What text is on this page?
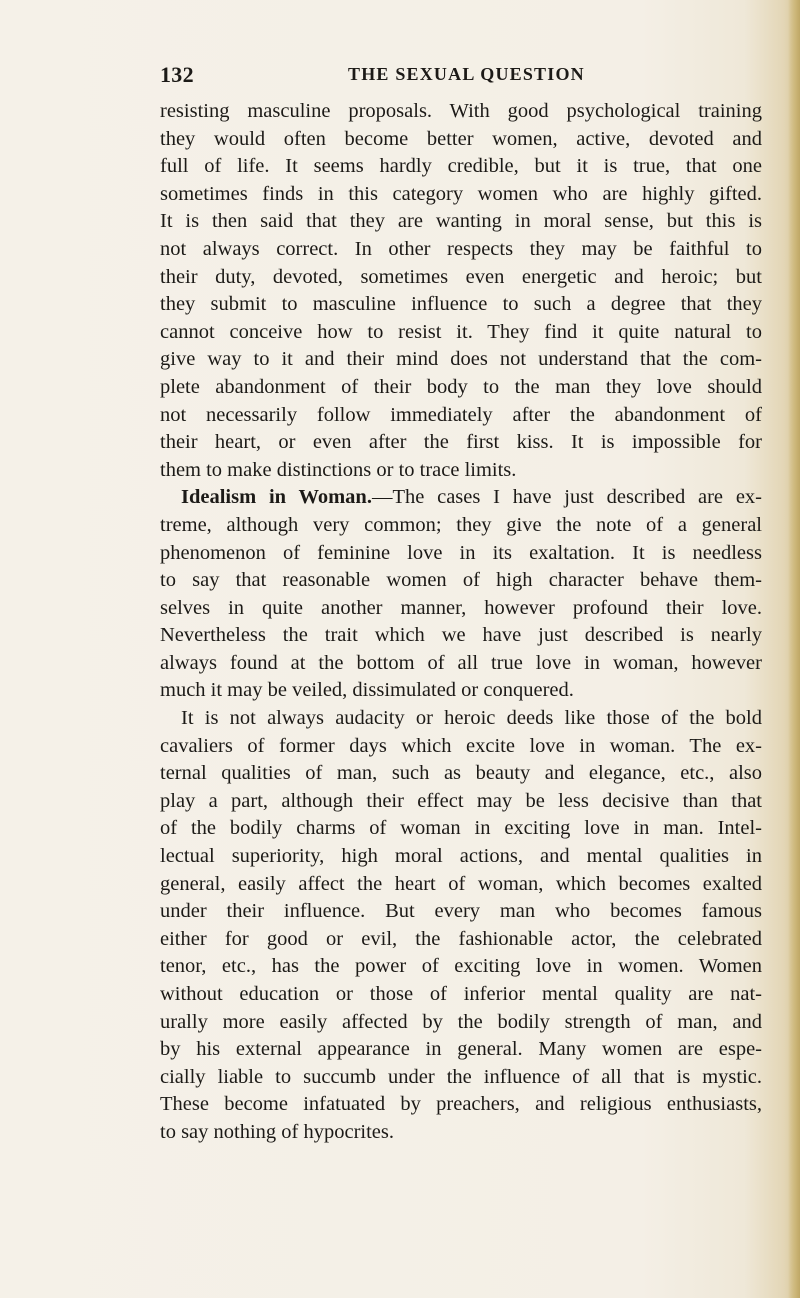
132	THE SEXUAL QUESTION
resisting masculine proposals. With good psychological training
they would often become better women, active, devoted and
full of life. It seems hardly credible, but it is true, that one
sometimes finds in this category women who are highly gifted.
It is then said that they are wanting in moral sense, but this is
not always correct. In other respects they may be faithful to
their duty, devoted, sometimes even energetic and heroic; but
they submit to masculine influence to such a degree that they
cannot conceive how to resist it. They find it quite natural to
give way to it and their mind does not understand that the com-
plete abandonment of their body to the man they love should
not necessarily follow immediately after the abandonment of
their heart, or even after the first kiss. It is impossible for
them to make distinctions or to trace limits.
Idealism in Woman.—The cases I have just described are ex-
treme, although very common; they give the note of a general
phenomenon of feminine love in its exaltation. It is needless
to say that reasonable women of high character behave them-
selves in quite another manner, however profound their love.
Nevertheless the trait which we have just described is nearly
always found at the bottom of all true love in woman, however
much it may be veiled, dissimulated or conquered.
It is not always audacity or heroic deeds like those of the bold
cavaliers of former days which excite love in woman. The ex-
ternal qualities of man, such as beauty and elegance, etc., also
play a part, although their effect may be less decisive than that
of the bodily charms of woman in exciting love in man. Intel-
lectual superiority, high moral actions, and mental qualities in
general, easily affect the heart of woman, which becomes exalted
under their influence. But every man who becomes famous
either for good or evil, the fashionable actor, the celebrated
tenor, etc., has the power of exciting love in women. Women
without education or those of inferior mental quality are nat-
urally more easily affected by the bodily strength of man, and
by his external appearance in general. Many women are espe-
cially liable to succumb under the influence of all that is mystic.
These become infatuated by preachers, and religious enthusiasts,
to say nothing of hypocrites.
